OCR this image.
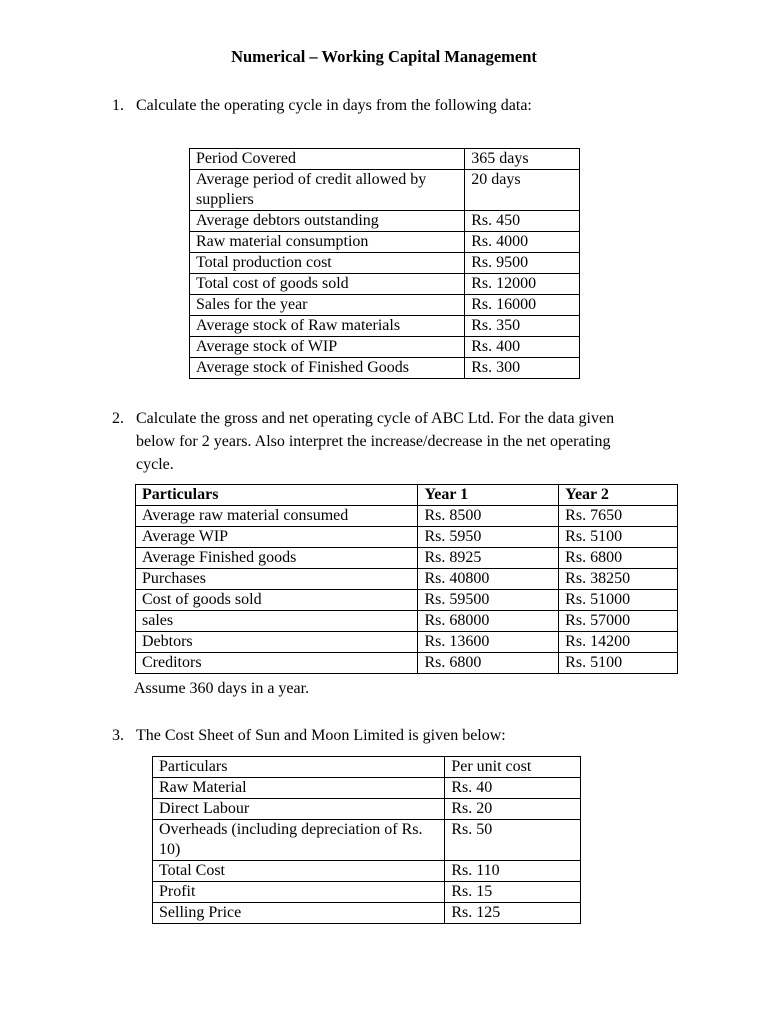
Numerical – Working Capital Management
1. Calculate the operating cycle in days from the following data:
Period Covered	365 days
Average period of credit allowed by suppliers	20 days
Average debtors outstanding	Rs. 450
Raw material consumption	Rs. 4000
Total production cost	Rs. 9500
Total cost of goods sold	Rs. 12000
Sales for the year	Rs. 16000
Average stock of Raw materials	Rs. 350
Average stock of WIP	Rs. 400
Average stock of Finished Goods	Rs. 300
2. Calculate the gross and net operating cycle of ABC Ltd. For the data given
below for 2 years. Also interpret the increase/decrease in the net operating
cycle.
Particulars	Year 1	Year 2
Average raw material consumed	Rs. 8500	Rs. 7650
Average WIP	Rs. 5950	Rs. 5100
Average Finished goods	Rs. 8925	Rs. 6800
Purchases	Rs. 40800	Rs. 38250
Cost of goods sold	Rs. 59500	Rs. 51000
sales	Rs. 68000	Rs. 57000
Debtors	Rs. 13600	Rs. 14200
Creditors	Rs. 6800	Rs. 5100
Assume 360 days in a year.
3. The Cost Sheet of Sun and Moon Limited is given below:
Particulars	Per unit cost
Raw Material	Rs. 40
Direct Labour	Rs. 20
Overheads (including depreciation of Rs. 10)	Rs. 50
Total Cost	Rs. 110
Profit	Rs. 15
Selling Price	Rs. 125
